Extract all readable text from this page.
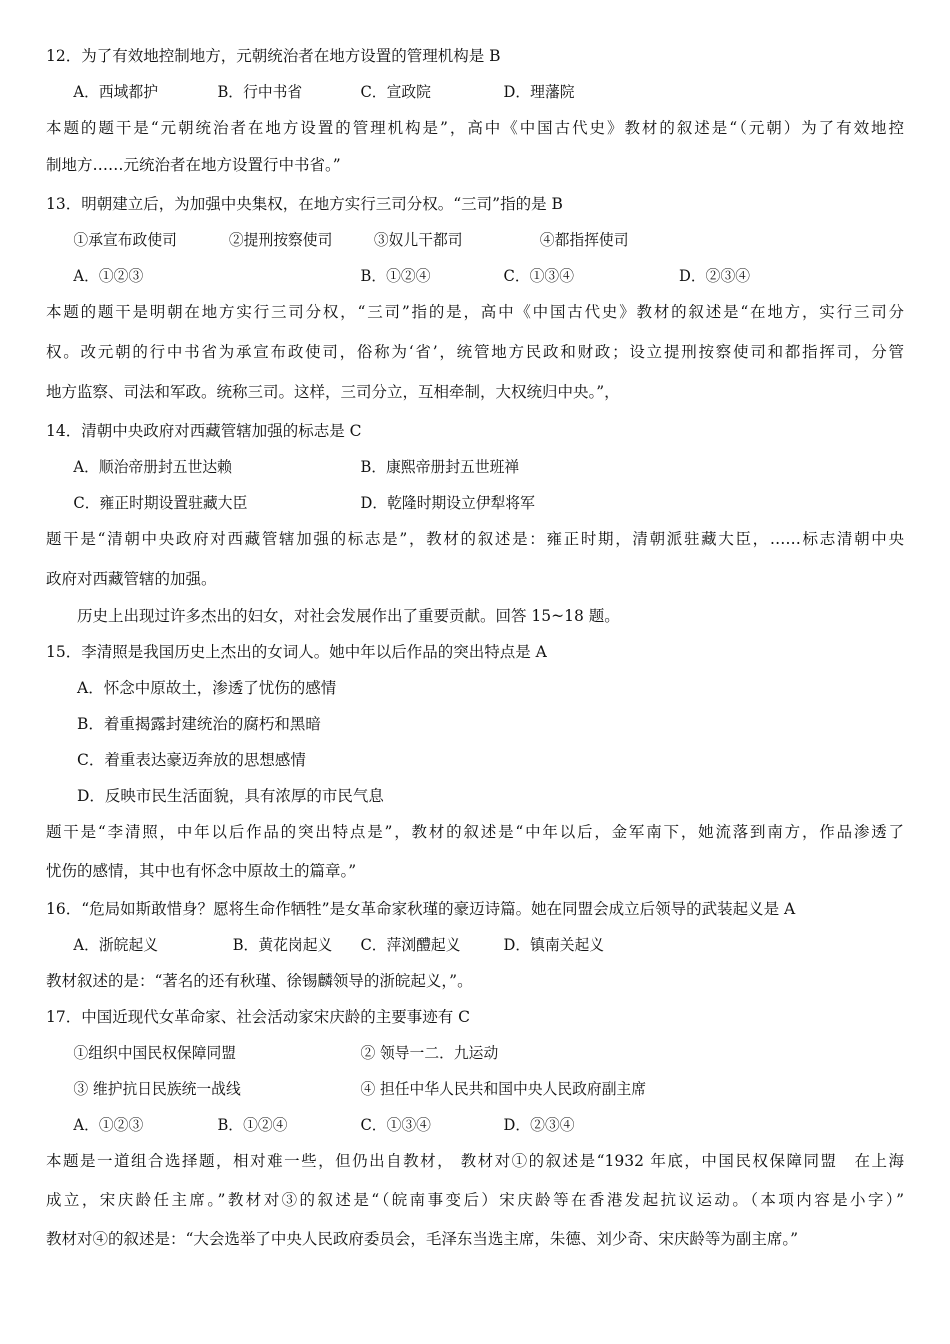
12．为了有效地控制地方，元朝统治者在地方设置的管理机构是 B
A．西域都护	B．行中书省	C．宣政院	D．理藩院
本题的题干是“元朝统治者在地方设置的管理机构是”，高中《中国古代史》教材的叙述是“（元朝）为了有效地控
制地方……元统治者在地方设置行中书省。”
13．明朝建立后，为加强中央集权，在地方实行三司分权。“三司”指的是 B
①承宣布政使司	②提刑按察使司	③奴儿干都司	④都指挥使司
A．①②③	B．①②④	C．①③④	D．②③④
本题的题干是明朝在地方实行三司分权，“三司”指的是，高中《中国古代史》教材的叙述是“在地方，实行三司分
权。改元朝的行中书省为承宣布政使司，俗称为‘省’，统管地方民政和财政；设立提刑按察使司和都指挥司，分管
地方监察、司法和军政。统称三司。这样，三司分立，互相牵制，大权统归中央。”，
14．清朝中央政府对西藏管辖加强的标志是 C
A．顺治帝册封五世达赖	B．康熙帝册封五世班禅
C．雍正时期设置驻藏大臣	D．乾隆时期设立伊犁将军
题干是“清朝中央政府对西藏管辖加强的标志是”，教材的叙述是：雍正时期，清朝派驻藏大臣，……标志清朝中央
政府对西藏管辖的加强。
历史上出现过许多杰出的妇女，对社会发展作出了重要贡献。回答 15~18 题。
15．李清照是我国历史上杰出的女词人。她中年以后作品的突出特点是 A
A．怀念中原故土，渗透了忧伤的感情
B．着重揭露封建统治的腐朽和黑暗
C．着重表达豪迈奔放的思想感情
D．反映市民生活面貌，具有浓厚的市民气息
题干是“李清照，中年以后作品的突出特点是”，教材的叙述是“中年以后，金军南下，她流落到南方，作品渗透了
忧伤的感情，其中也有怀念中原故土的篇章。”
16．“危局如斯敢惜身？愿将生命作牺牲”是女革命家秋瑾的豪迈诗篇。她在同盟会成立后领导的武装起义是 A
A．浙皖起义	B．黄花岗起义 C．萍浏醴起义	D．镇南关起义
教材叙述的是：“著名的还有秋瑾、徐锡麟领导的浙皖起义，”。
17．中国近现代女革命家、社会活动家宋庆龄的主要事迹有 C
①组织中国民权保障同盟	② 领导一二．九运动
③ 维护抗日民族统一战线	④ 担任中华人民共和国中央人民政府副主席
A．①②③	B．①②④	C．①③④	D．②③④
本题是一道组合选择题，相对难一些，但仍出自教材， 教材对①的叙述是“1932 年底，中国民权保障同盟　在上海
成立，宋庆龄任主席。”教材对③的叙述是“（皖南事变后）宋庆龄等在香港发起抗议运动。（本项内容是小字）”
教材对④的叙述是：“大会选举了中央人民政府委员会，毛泽东当选主席，朱德、刘少奇、宋庆龄等为副主席。”
